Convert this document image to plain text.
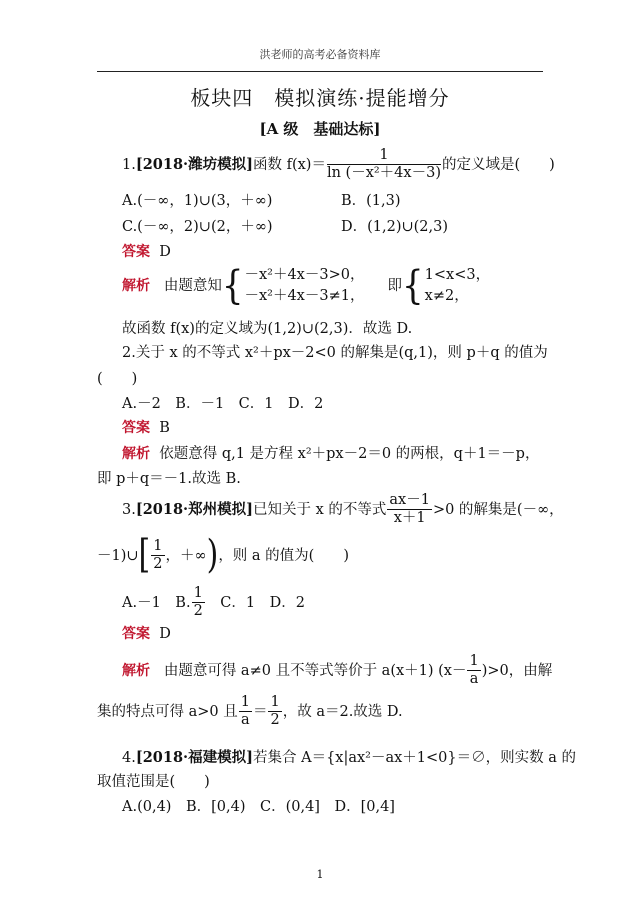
洪老师的高考必备资料库
板块四　模拟演练·提能增分
[A 级　基础达标]
1.[2018·潍坊模拟]函数 $f(x)= \frac{1}{\text{ln (－x²＋4x－3)}}$ 的定义域是(　　)
A.(－∞，1)∪(3，＋∞)	B．(1,3)
C.(－∞，2)∪(2，＋∞)	D．(1,2)∪(2,3)
答案 D
解析 由题意知 { －x²＋4x－3>0，
－x²＋4x－3≠1，
即 { 1<x<3，
x≠2，
故函数 f(x)的定义域为(1,2)∪(2,3)．故选 D.
2.关于 x 的不等式 x²＋px－2<0 的解集是(q,1)，则 p＋q 的值为
(　　)
A.－2　B．－1　C．1　D．2
答案 B
解析 依题意得 q,1 是方程 x²＋px－2＝0 的两根，q＋1＝－p，
即 p＋q＝－1.故选 B.
3.[2018·郑州模拟]已知关于 x 的不等式 $\frac{ax-1}{x+1} >0$ 的解集是(－∞，
－1)∪[ $\frac{1}{2}$ ，＋∞)，则 a 的值为(　　)
A.－1　B. $\frac{1}{2}$ 　C．1　D．2
答案 D
解析 由题意可得 a≠0 且不等式等价于 a(x＋1) $(x- \frac{1}{a} )>0$，由解
集的特点可得 a>0 且 $\frac{1}{a} = \frac{1}{2}$ ，故 a＝2.故选 D.
4.[2018·福建模拟]若集合 A＝{x|ax²－ax＋1<0}＝∅，则实数 a 的
取值范围是(　　)
A.(0,4)　B．[0,4)　C．(0,4]　D．[0,4]
1
